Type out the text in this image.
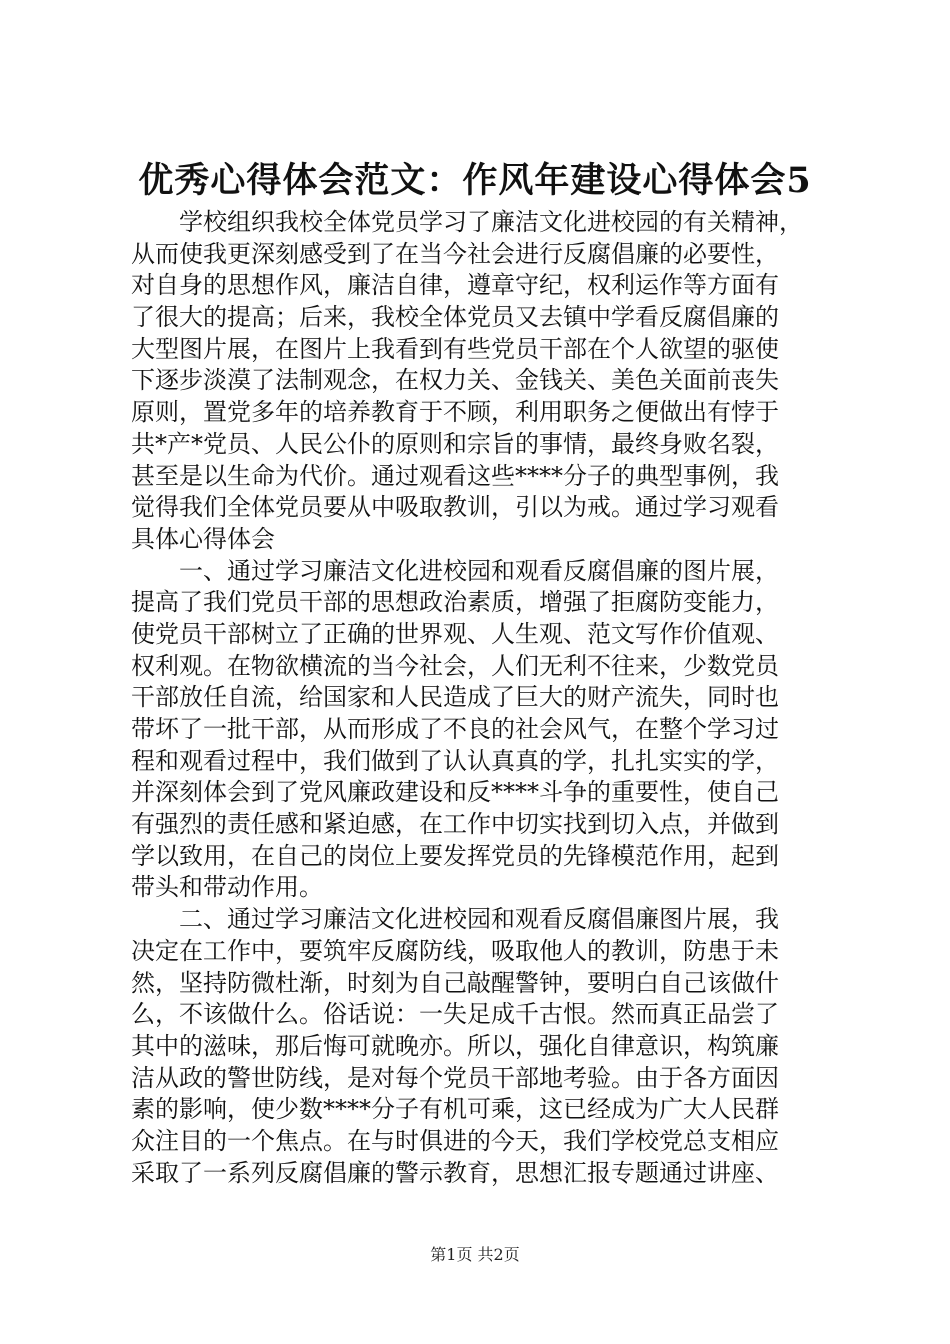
优秀心得体会范文：作风年建设心得体会5
学校组织我校全体党员学习了廉洁文化进校园的有关精神，
从而使我更深刻感受到了在当今社会进行反腐倡廉的必要性，
对自身的思想作风，廉洁自律，遵章守纪，权利运作等方面有
了很大的提高；后来，我校全体党员又去镇中学看反腐倡廉的
大型图片展，在图片上我看到有些党员干部在个人欲望的驱使
下逐步淡漠了法制观念，在权力关、金钱关、美色关面前丧失
原则，置党多年的培养教育于不顾，利用职务之便做出有悖于
共*产*党员、人民公仆的原则和宗旨的事情，最终身败名裂，
甚至是以生命为代价。通过观看这些****分子的典型事例，我
觉得我们全体党员要从中吸取教训，引以为戒。通过学习观看
具体心得体会
一、通过学习廉洁文化进校园和观看反腐倡廉的图片展，
提高了我们党员干部的思想政治素质，增强了拒腐防变能力，
使党员干部树立了正确的世界观、人生观、范文写作价值观、
权利观。在物欲横流的当今社会，人们无利不往来，少数党员
干部放任自流，给国家和人民造成了巨大的财产流失，同时也
带坏了一批干部，从而形成了不良的社会风气，在整个学习过
程和观看过程中，我们做到了认认真真的学，扎扎实实的学，
并深刻体会到了党风廉政建设和反****斗争的重要性，使自己
有强烈的责任感和紧迫感，在工作中切实找到切入点，并做到
学以致用，在自己的岗位上要发挥党员的先锋模范作用，起到
带头和带动作用。
二、通过学习廉洁文化进校园和观看反腐倡廉图片展，我
决定在工作中，要筑牢反腐防线，吸取他人的教训，防患于未
然，坚持防微杜渐，时刻为自己敲醒警钟，要明白自己该做什
么，不该做什么。俗话说：一失足成千古恨。然而真正品尝了
其中的滋味，那后悔可就晚亦。所以，强化自律意识，构筑廉
洁从政的警世防线，是对每个党员干部地考验。由于各方面因
素的影响，使少数****分子有机可乘，这已经成为广大人民群
众注目的一个焦点。在与时俱进的今天，我们学校党总支相应
采取了一系列反腐倡廉的警示教育，思想汇报专题通过讲座、
第1页 共2页
